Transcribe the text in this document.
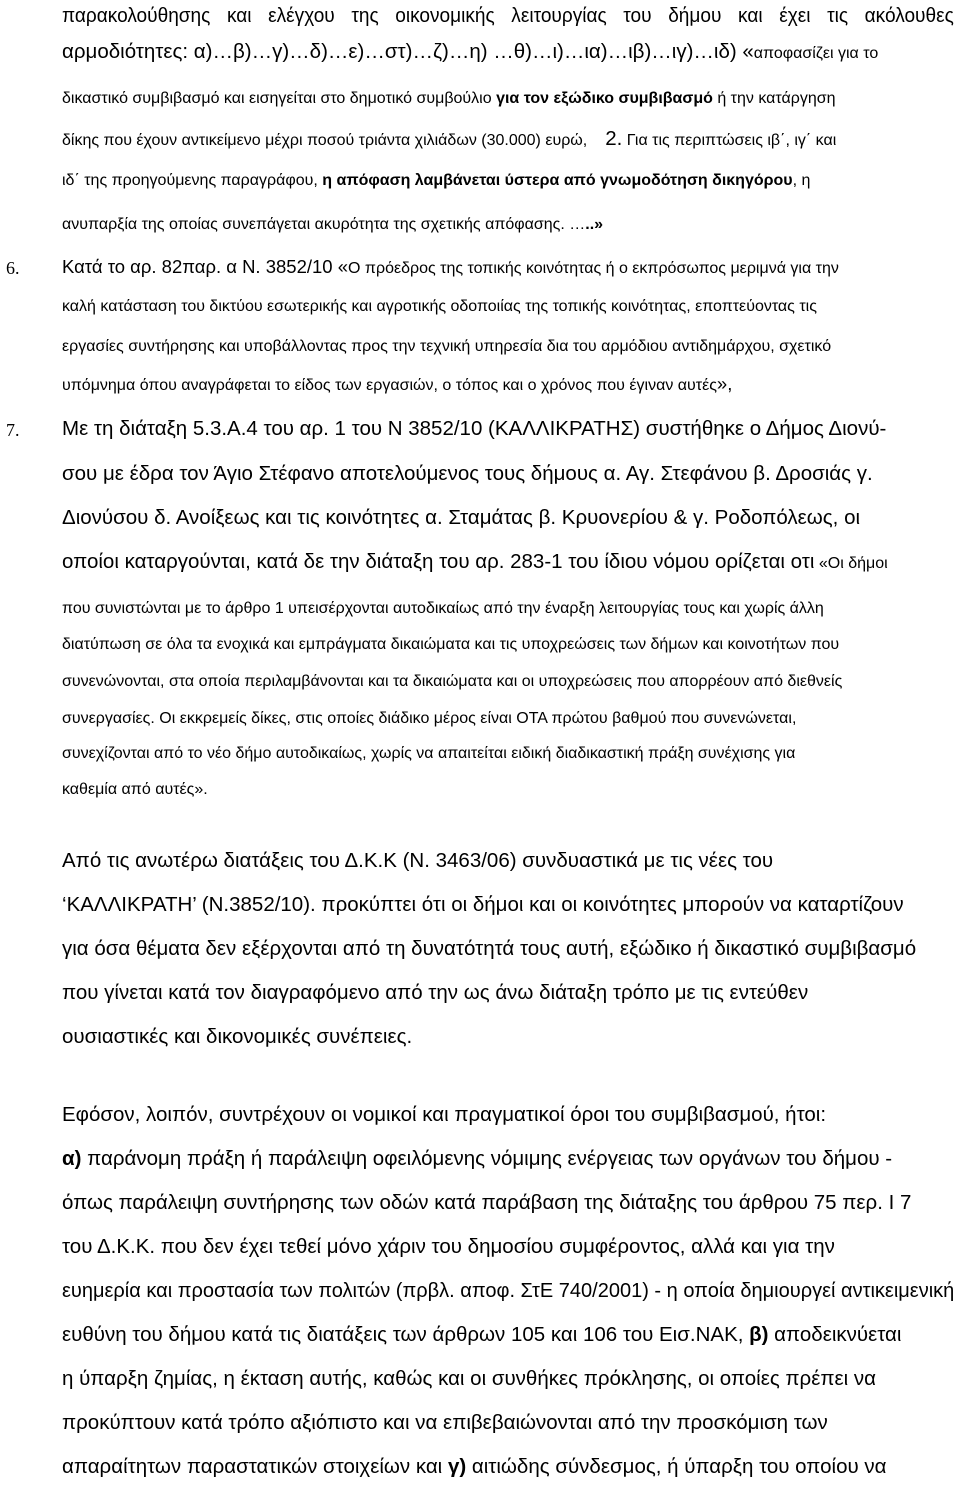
παρακολούθησης και ελέγχου της οικονομικής λειτουργίας του δήμου και έχει τις ακόλουθες
αρμοδιότητες: α)…β)…γ)…δ)…ε)…στ)…ζ)…η) …θ)…ι)…ια)…ιβ)…ιγ)…ιδ) «αποφασίζει για το
δικαστικό συμβιβασμό και εισηγείται στο δημοτικό συμβούλιο για τον εξώδικο συμβιβασμό ή την κατάργηση
δίκης που έχουν αντικείμενο μέχρι ποσού τριάντα χιλιάδων (30.000) ευρώ, 2. Για τις περιπτώσεις ιβ΄, ιγ΄ και
ιδ΄ της προηγούμενης παραγράφου, η απόφαση λαμβάνεται ύστερα από γνωμοδότηση δικηγόρου, η
ανυπαρξία της οποίας συνεπάγεται ακυρότητα της σχετικής απόφασης. …..»
6. Κατά το αρ. 82παρ. α Ν. 3852/10 «Ο πρόεδρος της τοπικής κοινότητας ή ο εκπρόσωπος μεριμνά για την
καλή κατάσταση του δικτύου εσωτερικής και αγροτικής οδοποιίας της τοπικής κοινότητας, εποπτεύοντας τις
εργασίες συντήρησης και υποβάλλοντας προς την τεχνική υπηρεσία δια του αρμόδιου αντιδημάρχου, σχετικό
υπόμνημα όπου αναγράφεται το είδος των εργασιών, ο τόπος και ο χρόνος που έγιναν αυτές»,
7. Με τη διάταξη 5.3.Α.4 του αρ. 1 του Ν 3852/10 (ΚΑΛΛΙΚΡΑΤΗΣ) συστήθηκε ο Δήμος Διονύ-
σου με έδρα τον Άγιο Στέφανο αποτελούμενος τους δήμους α. Αγ. Στεφάνου β. Δροσιάς γ.
Διονύσου δ. Ανοίξεως και τις κοινότητες α. Σταμάτας β. Κρυονερίου & γ. Ροδοπόλεως, οι
οποίοι καταργούνται, κατά δε την διάταξη του αρ. 283-1 του ίδιου νόμου ορίζεται οτι «Οι δήμοι
που συνιστώνται με το άρθρο 1 υπεισέρχονται αυτοδικαίως από την έναρξη λειτουργίας τους και χωρίς άλλη
διατύπωση σε όλα τα ενοχικά και εμπράγματα δικαιώματα και τις υποχρεώσεις των δήμων και κοινοτήτων που
συνενώνονται, στα οποία περιλαμβάνονται και τα δικαιώματα και οι υποχρεώσεις που απορρέουν από διεθνείς
συνεργασίες. Οι εκκρεμείς δίκες, στις οποίες διάδικο μέρος είναι ΟΤΑ πρώτου βαθμού που συνενώνεται,
συνεχίζονται από το νέο δήμο αυτοδικαίως, χωρίς να απαιτείται ειδική διαδικαστική πράξη συνέχισης για
καθεμία από αυτές».
Από τις ανωτέρω διατάξεις του Δ.Κ.Κ (Ν. 3463/06) συνδυαστικά με τις νέες του
‘ΚΑΛΛΙΚΡΑΤΗ’ (Ν.3852/10). προκύπτει ότι οι δήμοι και οι κοινότητες μπορούν να καταρτίζουν
για όσα θέματα δεν εξέρχονται από τη δυνατότητά τους αυτή, εξώδικο ή δικαστικό συμβιβασμό
που γίνεται κατά τον διαγραφόμενο από την ως άνω διάταξη τρόπο με τις εντεύθεν
ουσιαστικές και δικονομικές συνέπειες.
Εφόσον, λοιπόν, συντρέχουν οι νομικοί και πραγματικοί όροι του συμβιβασμού, ήτοι:
α) παράνομη πράξη ή παράλειψη οφειλόμενης νόμιμης ενέργειας των οργάνων του δήμου -
όπως παράλειψη συντήρησης των οδών κατά παράβαση της διάταξης του άρθρου 75 περ. Ι 7
του Δ.Κ.Κ. που δεν έχει τεθεί μόνο χάριν του δημοσίου συμφέροντος, αλλά και για την
ευημερία και προστασία των πολιτών (πρβλ. αποφ. ΣτΕ 740/2001) - η οποία δημιουργεί αντικειμενική
ευθύνη του δήμου κατά τις διατάξεις των άρθρων 105 και 106 του Εισ.ΝΑΚ, β) αποδεικνύεται
η ύπαρξη ζημίας, η έκταση αυτής, καθώς και οι συνθήκες πρόκλησης, οι οποίες πρέπει να
προκύπτουν κατά τρόπο αξιόπιστο και να επιβεβαιώνονται από την προσκόμιση των
απαραίτητων παραστατικών στοιχείων και γ) αιτιώδης σύνδεσμος, ή ύπαρξη του οποίου να
